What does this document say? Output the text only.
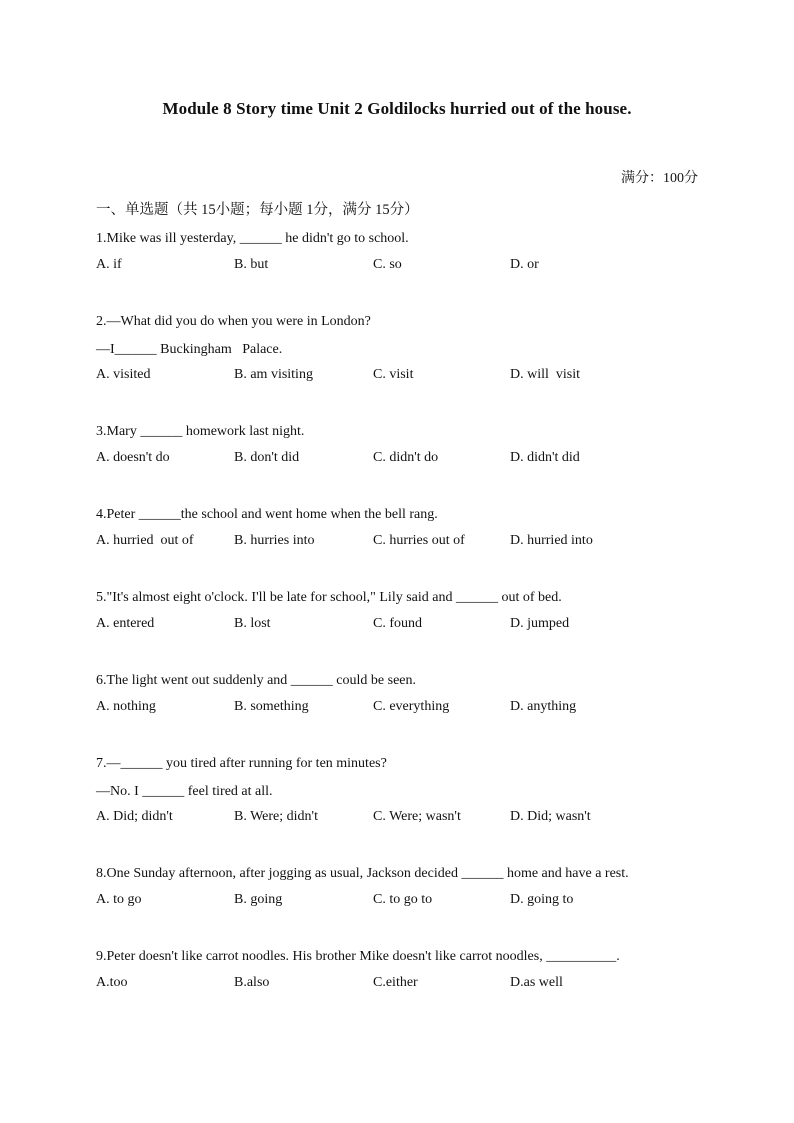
Module 8 Story time Unit 2 Goldilocks hurried out of the house.
满分：100分
一、单选题（共 15小题；每小题 1分，满分 15分）
1.Mike was ill yesterday, ______ he didn't go to school.
A. if	B. but	C. so	D. or
2.—What did you do when you were in London?
—I______ Buckingham   Palace.
A. visited	B. am visiting	C. visit	D. will  visit
3.Mary ______ homework last night.
A. doesn't do	B. don't did	C. didn't do	D. didn't did
4.Peter ______the school and went home when the bell rang.
A. hurried  out of	B. hurries into	C. hurries out of	D. hurried into
5."It's almost eight o'clock. I'll be late for school," Lily said and ______ out of bed.
A. entered	B. lost	C. found	D. jumped
6.The light went out suddenly and ______ could be seen.
A. nothing	B. something	C. everything	D. anything
7.—______ you tired after running for ten minutes?
—No. I ______ feel tired at all.
A. Did; didn't	B. Were; didn't	C. Were; wasn't	D. Did; wasn't
8.One Sunday afternoon, after jogging as usual, Jackson decided ______ home and have a rest.
A. to go	B. going	C. to go to	D. going to
9.Peter doesn't like carrot noodles. His brother Mike doesn't like carrot noodles, __________.
A.too	B.also	C.either	D.as well
